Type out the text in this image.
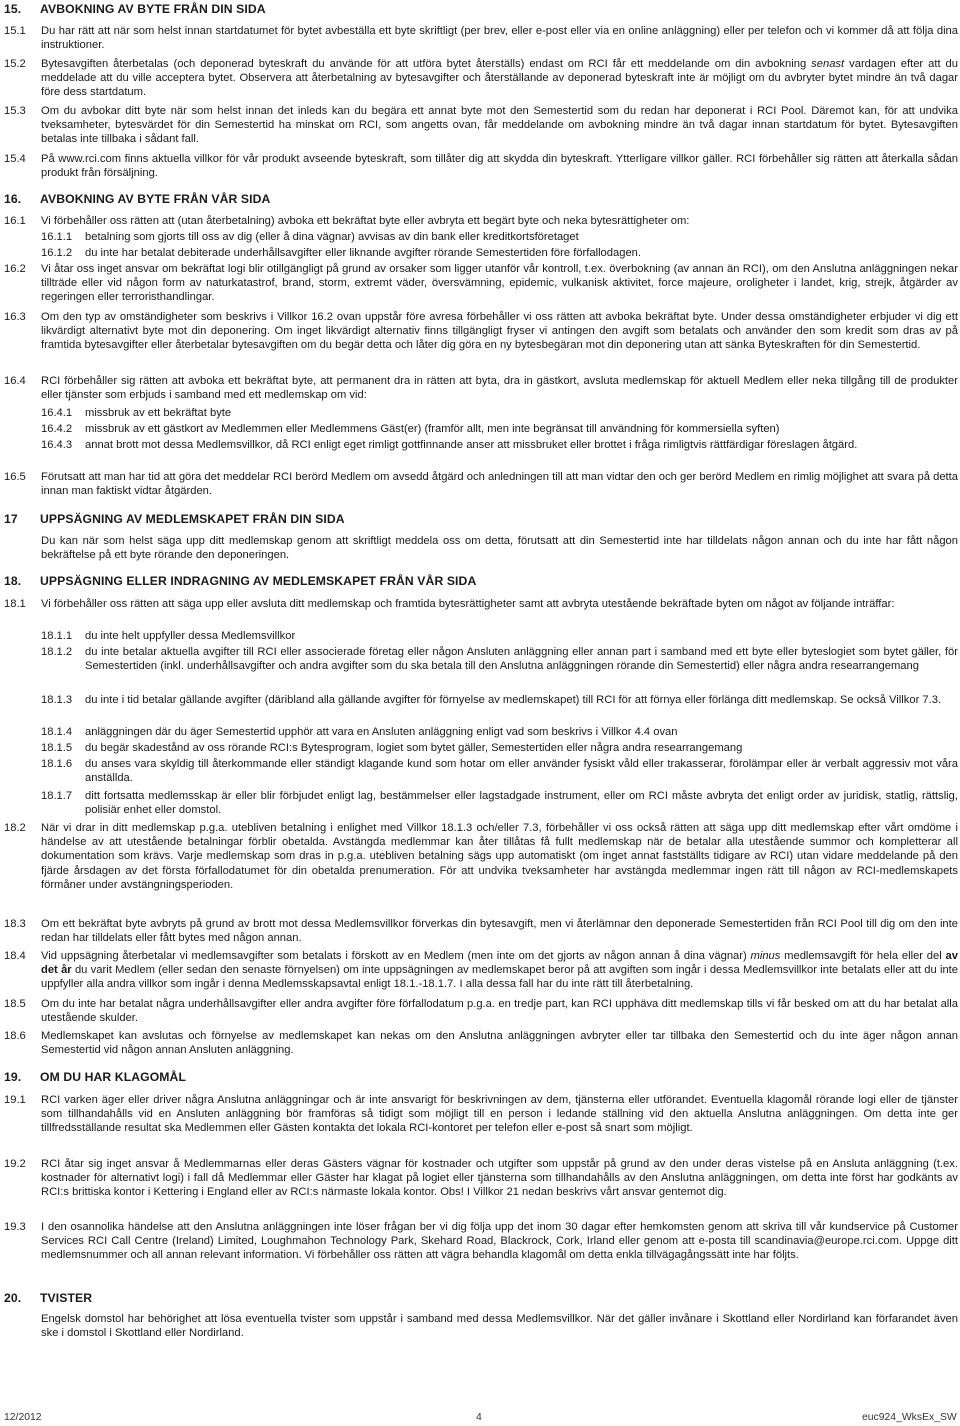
15. AVBOKNING AV BYTE FRÅN DIN SIDA
15.1 Du har rätt att när som helst innan startdatumet för bytet avbeställa ett byte skriftligt (per brev, eller e-post eller via en online anläggning) eller per telefon och vi kommer då att följa dina instruktioner.
15.2 Bytesavgiften återbetalas (och deponerad byteskraft du använde för att utföra bytet återställs) endast om RCI får ett meddelande om din avbokning senast vardagen efter att du meddelade att du ville acceptera bytet. Observera att återbetalning av bytesavgifter och återställande av deponerad byteskraft inte är möjligt om du avbryter bytet mindre än två dagar före dess startdatum.
15.3 Om du avbokar ditt byte när som helst innan det inleds kan du begära ett annat byte mot den Semestertid som du redan har deponerat i RCI Pool. Däremot kan, för att undvika tveksamheter, bytesvärdet för din Semestertid ha minskat om RCI, som angetts ovan, får meddelande om avbokning mindre än två dagar innan startdatum för bytet. Bytesavgiften betalas inte tillbaka i sådant fall.
15.4 På www.rci.com finns aktuella villkor för vår produkt avseende byteskraft, som tillåter dig att skydda din byteskraft. Ytterligare villkor gäller. RCI förbehåller sig rätten att återkalla sådan produkt från försäljning.
16. AVBOKNING AV BYTE FRÅN VÅR SIDA
16.1 Vi förbehåller oss rätten att (utan återbetalning) avboka ett bekräftat byte eller avbryta ett begärt byte och neka bytesrättigheter om:
16.1.1 betalning som gjorts till oss av dig (eller å dina vägnar) avvisas av din bank eller kreditkortsföretaget
16.1.2 du inte har betalat debiterade underhållsavgifter eller liknande avgifter rörande Semestertiden före förfallodagen.
16.2 Vi åtar oss inget ansvar om bekräftat logi blir otillgängligt på grund av orsaker som ligger utanför vår kontroll, t.ex. överbokning (av annan än RCI), om den Anslutna anläggningen nekar tillträde eller vid någon form av naturkatastrof, brand, storm, extremt väder, översvämning, epidemic, vulkanisk aktivitet, force majeure, oroligheter i landet, krig, strejk, åtgärder av regeringen eller terroristhandlingar.
16.3 Om den typ av omständigheter som beskrivs i Villkor 16.2 ovan uppstår före avresa förbehåller vi oss rätten att avboka bekräftat byte. Under dessa omständigheter erbjuder vi dig ett likvärdigt alternativt byte mot din deponering. Om inget likvärdigt alternativ finns tillgängligt fryser vi antingen den avgift som betalats och använder den som kredit som dras av på framtida bytesavgifter eller återbetalar bytesavgiften om du begär detta och låter dig göra en ny bytesbegäran mot din deponering utan att sänka Byteskraften för din Semestertid.
16.4 RCI förbehåller sig rätten att avboka ett bekräftat byte, att permanent dra in rätten att byta, dra in gästkort, avsluta medlemskap för aktuell Medlem eller neka tillgång till de produkter eller tjänster som erbjuds i samband med ett medlemskap om vid:
16.4.1 missbruk av ett bekräftat byte
16.4.2 missbruk av ett gästkort av Medlemmen eller Medlemmens Gäst(er) (framför allt, men inte begränsat till användning för kommersiella syften)
16.4.3 annat brott mot dessa Medlemsvillkor, då RCI enligt eget rimligt gottfinnande anser att missbruket eller brottet i fråga rimligtvis rättfärdigar föreslagen åtgärd.
16.5 Förutsatt att man har tid att göra det meddelar RCI berörd Medlem om avsedd åtgärd och anledningen till att man vidtar den och ger berörd Medlem en rimlig möjlighet att svara på detta innan man faktiskt vidtar åtgärden.
17 UPPSÄGNING AV MEDLEMSKAPET FRÅN DIN SIDA
Du kan när som helst säga upp ditt medlemskap genom att skriftligt meddela oss om detta, förutsatt att din Semestertid inte har tilldelats någon annan och du inte har fått någon bekräftelse på ett byte rörande den deponeringen.
18. UPPSÄGNING ELLER INDRAGNING AV MEDLEMSKAPET FRÅN VÅR SIDA
18.1 Vi förbehåller oss rätten att säga upp eller avsluta ditt medlemskap och framtida bytesrättigheter samt att avbryta utestående bekräftade byten om något av följande inträffar:
18.1.1 du inte helt uppfyller dessa Medlemsvillkor
18.1.2 du inte betalar aktuella avgifter till RCI eller associerade företag eller någon Ansluten anläggning eller annan part i samband med ett byte eller byteslogiet som bytet gäller, för Semestertiden (inkl. underhållsavgifter och andra avgifter som du ska betala till den Anslutna anläggningen rörande din Semestertid) eller några andra researrangemang
18.1.3 du inte i tid betalar gällande avgifter (däribland alla gällande avgifter för förnyelse av medlemskapet) till RCI för att förnya eller förlänga ditt medlemskap. Se också Villkor 7.3.
18.1.4 anläggningen där du äger Semestertid upphör att vara en Ansluten anläggning enligt vad som beskrivs i Villkor 4.4 ovan
18.1.5 du begär skadestånd av oss rörande RCI:s Bytesprogram, logiet som bytet gäller, Semestertiden eller några andra researrangemang
18.1.6 du anses vara skyldig till återkommande eller ständigt klagande kund som hotar om eller använder fysiskt våld eller trakasserar, förolämpar eller är verbalt aggressiv mot våra anställda.
18.1.7 ditt fortsatta medlemsskap är eller blir förbjudet enligt lag, bestämmelser eller lagstadgade instrument, eller om RCI måste avbryta det enligt order av juridisk, statlig, rättslig, polisiär enhet eller domstol.
18.2 När vi drar in ditt medlemskap p.g.a. utebliven betalning i enlighet med Villkor 18.1.3 och/eller 7.3, förbehåller vi oss också rätten att säga upp ditt medlemskap efter vårt omdöme i händelse av att utestående betalningar förblir obetalda. Avstängda medlemmar kan åter tillåtas få fullt medlemskap när de betalar alla utestående summor och kompletterar all dokumentation som krävs. Varje medlemskap som dras in p.g.a. utebliven betalning sägs upp automatiskt (om inget annat fastställts tidigare av RCI) utan vidare meddelande på den fjärde årsdagen av det första förfallodatumet för din obetalda prenumeration. För att undvika tveksamheter har avstängda medlemmar ingen rätt till någon av RCI-medlemskapets förmåner under avstängningsperioden.
18.3 Om ett bekräftat byte avbryts på grund av brott mot dessa Medlemsvillkor förverkas din bytesavgift, men vi återlämnar den deponerade Semestertiden från RCI Pool till dig om den inte redan har tilldelats eller fått bytes med någon annan.
18.4 Vid uppsägning återbetalar vi medlemsavgifter som betalats i förskott av en Medlem (men inte om det gjorts av någon annan å dina vägnar) minus medlemsavgift för hela eller del av det år du varit Medlem (eller sedan den senaste förnyelsen) om inte uppsägningen av medlemskapet beror på att avgiften som ingår i dessa Medlemsvillkor inte betalats eller att du inte uppfyller alla andra villkor som ingår i denna Medlemsskapsavtal enligt 18.1.-18.1.7. I alla dessa fall har du inte rätt till återbetalning.
18.5 Om du inte har betalat några underhållsavgifter eller andra avgifter före förfallodatum p.g.a. en tredje part, kan RCI upphäva ditt medlemskap tills vi får besked om att du har betalat alla utestående skulder.
18.6 Medlemskapet kan avslutas och förnyelse av medlemskapet kan nekas om den Anslutna anläggningen avbryter eller tar tillbaka den Semestertid och du inte äger någon annan Semestertid vid någon annan Ansluten anläggning.
19. OM DU HAR KLAGOMÅL
19.1 RCI varken äger eller driver några Anslutna anläggningar och är inte ansvarigt för beskrivningen av dem, tjänsterna eller utförandet. Eventuella klagomål rörande logi eller de tjänster som tillhandahålls vid en Ansluten anläggning bör framföras så tidigt som möjligt till en person i ledande ställning vid den aktuella Anslutna anläggningen. Om detta inte ger tillfredsställande resultat ska Medlemmen eller Gästen kontakta det lokala RCI-kontoret per telefon eller e-post så snart som möjligt.
19.2 RCI åtar sig inget ansvar å Medlemmarnas eller deras Gästers vägnar för kostnader och utgifter som uppstår på grund av den under deras vistelse på en Ansluta anläggning (t.ex. kostnader för alternativt logi) i fall då Medlemmar eller Gäster har klagat på logiet eller tjänsterna som tillhandahålls av den Anslutna anläggningen, om detta inte först har godkänts av RCI:s brittiska kontor i Kettering i England eller av RCI:s närmaste lokala kontor. Obs! I Villkor 21 nedan beskrivs vårt ansvar gentemot dig.
19.3 I den osannolika händelse att den Anslutna anläggningen inte löser frågan ber vi dig följa upp det inom 30 dagar efter hemkomsten genom att skriva till vår kundservice på Customer Services RCI Call Centre (Ireland) Limited, Loughmahon Technology Park, Skehard Road, Blackrock, Cork, Irland eller genom att e-posta till scandinavia@europe.rci.com. Uppge ditt medlemsnummer och all annan relevant information. Vi förbehåller oss rätten att vägra behandla klagomål om detta enkla tillvägagångssätt inte har följts.
20. TVISTER
Engelsk domstol har behörighet att lösa eventuella tvister som uppstår i samband med dessa Medlemsvillkor. När det gäller invånare i Skottland eller Nordirland kan förfarandet även ske i domstol i Skottland eller Nordirland.
12/2012	4	euc924_WksEx_SW
